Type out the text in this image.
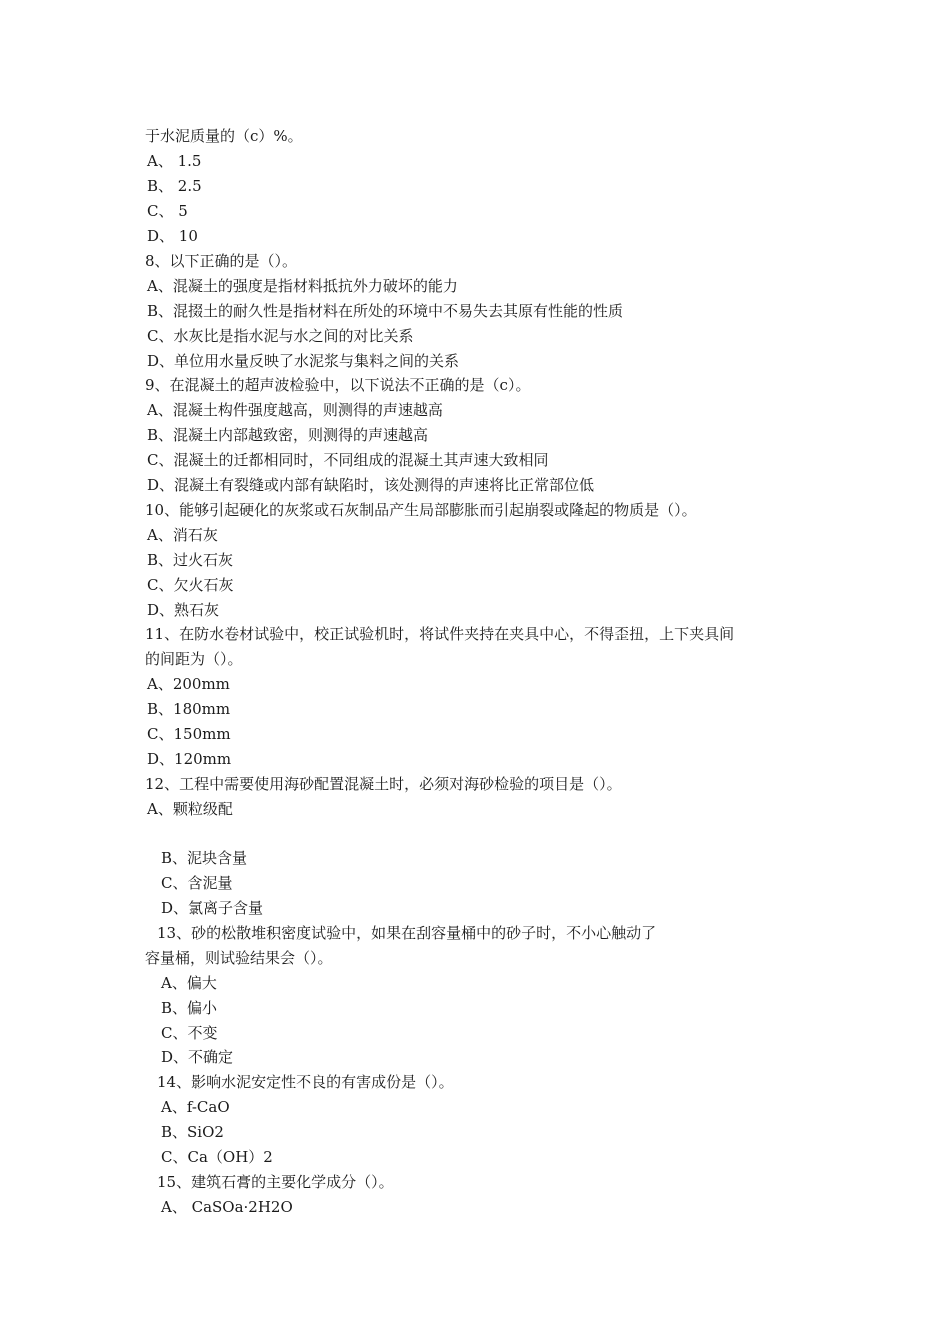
于水泥质量的（c）%。
A、 1.5
B、 2.5
C、 5
D、 10
8、以下正确的是（）。
A、混凝土的强度是指材料抵抗外力破坏的能力
B、混掇土的耐久性是指材料在所处的环境中不易失去其原有性能的性质
C、水灰比是指水泥与水之间的对比关系
D、单位用水量反映了水泥浆与集料之间的关系
9、在混凝土的超声波检验中，以下说法不正确的是（c）。
A、混凝土构件强度越高，则测得的声速越高
B、混凝土内部越致密，则测得的声速越高
C、混凝土的迁都相同时，不同组成的混凝土其声速大致相同
D、混凝土有裂缝或内部有缺陷时，该处测得的声速将比正常部位低
10、能够引起硬化的灰浆或石灰制品产生局部膨胀而引起崩裂或隆起的物质是（）。
A、消石灰
B、过火石灰
C、欠火石灰
D、熟石灰
11、在防水卷材试验中，校正试验机时，将试件夹持在夹具中心，不得歪扭，上下夹具间
的间距为（）。
A、200mm
B、180mm
C、150mm
D、120mm
12、工程中需要使用海砂配置混凝土时，必须对海砂检验的项目是（）。
A、颗粒级配
B、泥块含量
C、含泥量
D、氯离子含量
13、砂的松散堆积密度试验中，如果在刮容量桶中的砂子时，不小心触动了
容量桶，则试验结果会（）。
A、偏大
B、偏小
C、不变
D、不确定
14、影响水泥安定性不良的有害成份是（）。
A、f-CaO
B、SiO2
C、Ca（OH）2
15、建筑石膏的主要化学成分（）。
A、 CaSOa·2H2O
